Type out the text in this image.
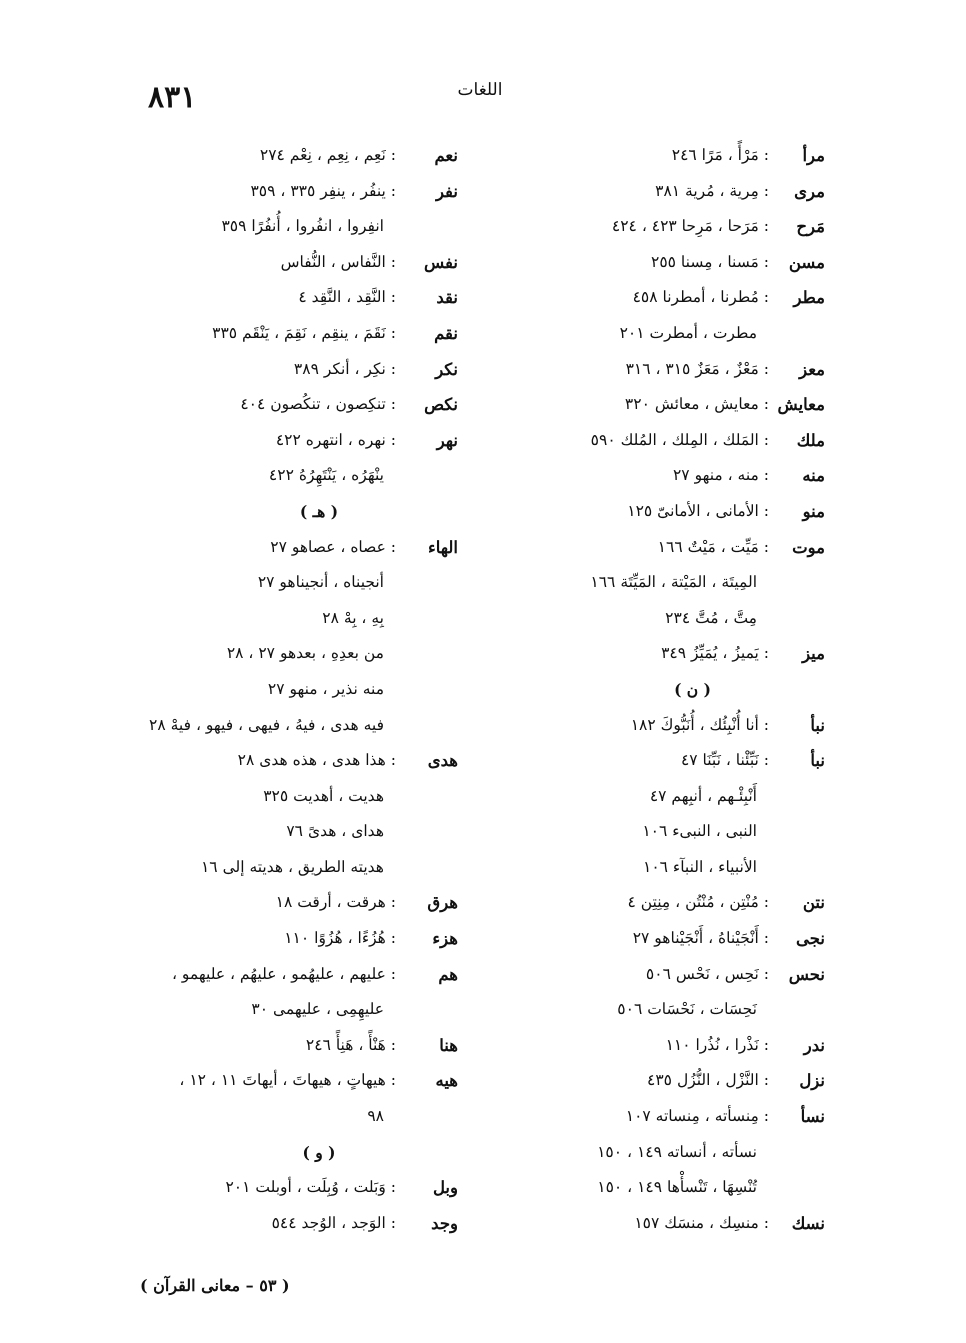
٨٣١	اللغات
مرأ
: مَرْأً ، مَرًا ٢٤٦
مرى
: مِرية ، مُرية ٣٨١
مَرح
: مَرَحا ، مَرِحا ٤٢٣ ، ٤٢٤
مسن
: مَسنا ، مِسنا ٢٥٥
مطر
: مُطرنا ، أمطرنا ٤٥٨
مطرت ، أمطرت ٢٠١
معز
: مَعْزٌ ، مَعَزٌ ٣١٥ ، ٣١٦
معايش
: معايش ، معائش ٣٢٠
ملك
: المَلك ، المِلك ، المُلك ٥٩٠
منه
: منه ، منهو ٢٧
منو
: الأمانى ، الأمانىّ ١٢٥
موت
: مَيِّت ، مَيْتٌ ١٦٦
المِيتَة ، المَيْتة ، المَيِّتَة ١٦٦
مِتَّ ، مُتَّ ٢٣٤
ميز
: يَميزُ ، يُمَيِّزُ ٣٤٩
( ن )
نبأ
: أنا أُنْبِئُك ، أُنَبُّوكَ ١٨٢
نبأ
: نَبِّئْنا ، نَبِّنَا ٤٧
أَنْبِئْـهم ، أنبِهم ٤٧
النبى ، النبىء ١٠٦
الأنبياء ، النبآء ١٠٦
نتن
: مُنْتِن ، مُنْتُن ، مِنِتِن ٤
نجى
: أَنْجَيْناهُ ، أَنْجَيْناهو ٢٧
نحس
: نَحِس ، نَحْس ٥٠٦
نَحِسَات ، نَحْسَات ٥٠٦
ندر
: نَذْرا ، نُذُرا ١١٠
نزل
: النَّزْل ، النُّزُل ٤٣٥
نسأ
: مِنسأته ، مِنساته ١٠٧
نسأته ، أنساته ١٤٩ ، ١٥٠
تُنْسِهَا ، تَنْسأْها ١٤٩ ، ١٥٠
نسك
: منسِك ، منسَك ١٥٧
نعم
: نَعِم ، نِعِم ، نِعْم ٢٧٤
نفر
: ينفُر ، ينفِر ٣٣٥ ، ٣٥٩
انفِروا ، انفُروا ، أُنفُرًا ٣٥٩
نفس
: النَّفاس ، النُّفاس
نقد
: النَّقِد ، النَّقِد ٤
نقم
: نَقَمَ ، ينقِم ، نَقِمَ ، يَنْقَم ٣٣٥
نكر
: نكِر ، أنكر ٣٨٩
نكص
: تنكِصون ، تنكُصون ٤٠٤
نهر
: نهره ، انتهره ٤٢٢
ينْهَرُه ، يَنْتَهِرُهُ ٤٢٢
( هـ )
الهاء
: عصاه ، عصاهو ٢٧
أنجيناه ، أنجيناهو ٢٧
بِهِ ، بِهْ ٢٨
من بعدِهِ ، بعدهو ٢٧ ، ٢٨
منه نذير ، منهو ٢٧
فيه هدى ، فيهُ ، فيهى ، فيهو ، فيهْ ٢٨
هدى
: هذا هدى ، هذه هدى ٢٨
هديت ، أهديت ٣٢٥
هداى ، هدىً ٧٦
هديته الطريق ، هديته إلى ١٦
هرق
: هرقت ، أرقت ١٨
هزء
: هُزُءًا ، هُزُوًا ١١٠
هم
: عليهم ، عليهُمو ، عليهُم ، عليهمو ،
عليهِمِى ، عليهمى ٣٠
هنا
: هَنْأً ، هَنِأً ٢٤٦
هيه
: هيهاتٍ ، هيهاتَ ، أيهاتَ ١١ ، ١٢ ،
٩٨
( و )
وبل
: وَبَلت ، وُبِلَت ، أوبلت ٢٠١
وجد
: الوَجد ، الوُجد ٥٤٤
( ٥٣ – معانى القرآن )
